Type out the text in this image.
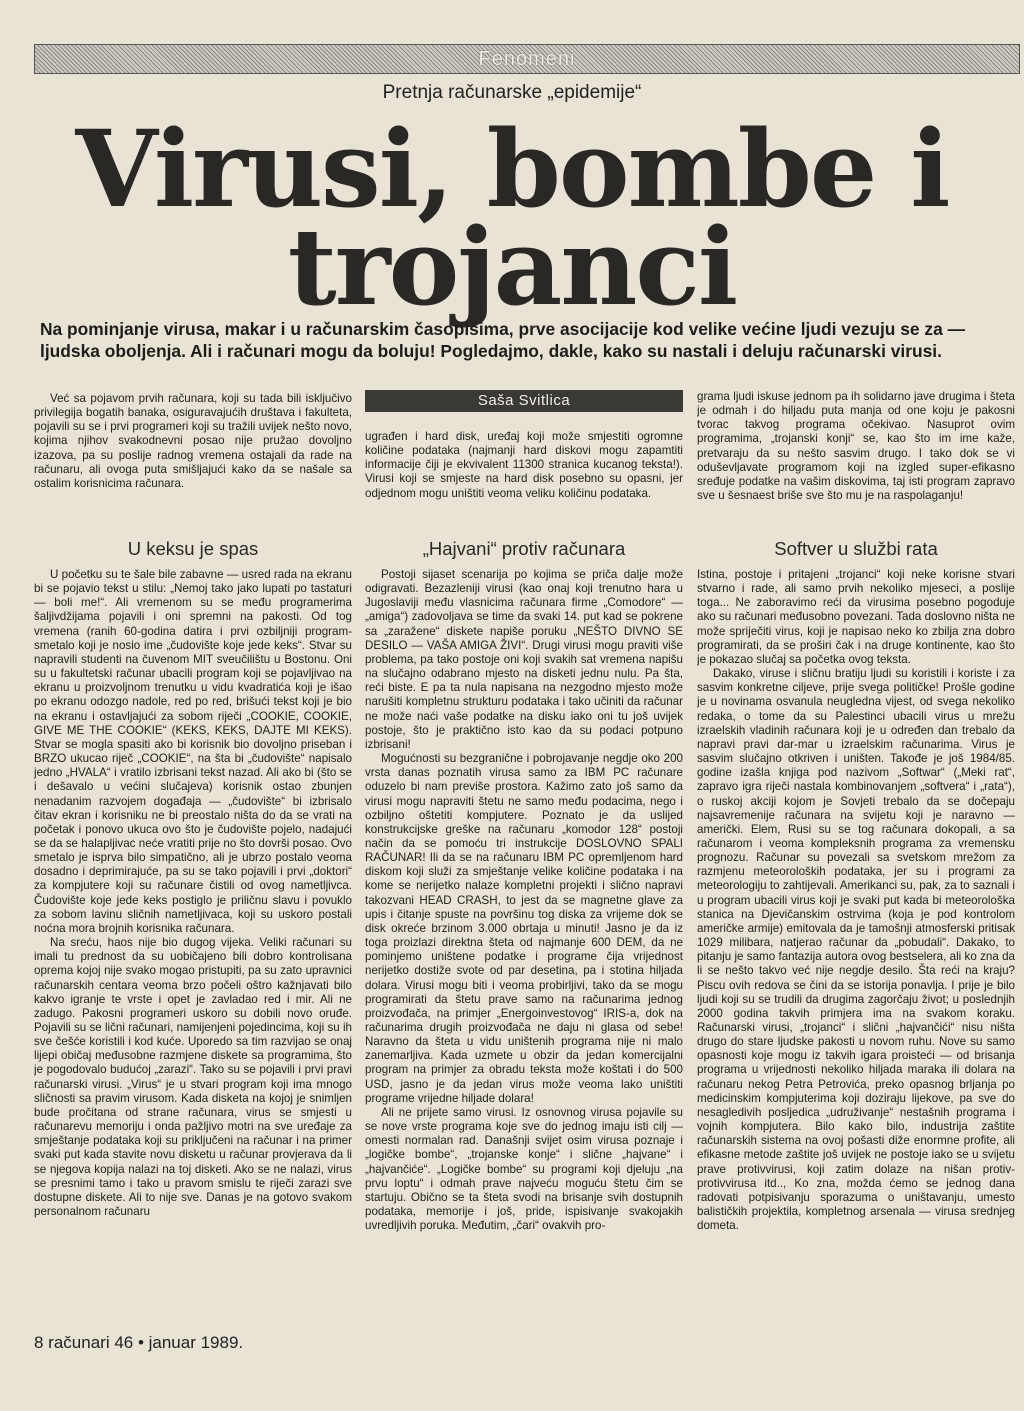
Fenomeni
Pretnja računarske „epidemije“
Virusi, bombe i
trojanci
Na pominjanje virusa, makar i u računarskim časopisima, prve asocijacije kod velike većine ljudi vezuju se za — ljudska oboljenja. Ali i računari mogu da boluju! Pogledajmo, dakle, kako su nastali i deluju računarski virusi.

Već sa pojavom prvih računara, koji su tada bili isključivo privilegija bogatih banaka, osiguravajućih društava i fakulteta, pojavili su se i prvi programeri koji su tražili uvijek nešto novo, kojima njihov svakodnevni posao nije pružao dovoljno izazova, pa su poslije radnog vremena ostajali da rade na računaru, ali ovoga puta smišljajući kako da se našale sa ostalim korisnicima računara.

Saša Svitlica

ugrađen i hard disk, uređaj koji može smjestiti ogromne količine podataka (najmanji hard diskovi mogu zapamtiti informacije čiji je ekvivalent 11300 stranica kucanog teksta!). Virusi koji se smjeste na hard disk posebno su opasni, jer odjednom mogu uništiti veoma veliku količinu podataka.

grama ljudi iskuse jednom pa ih solidarno jave drugima i šteta je odmah i do hiljadu puta manja od one koju je pakosni tvorac takvog programa očekivao. Nasuprot ovim programima, „trojanski konji“ se, kao što im ime kaže, pretvaraju da su nešto sasvim drugo. I tako dok se vi oduševljavate programom koji na izgled super-efikasno sređuje podatke na vašim diskovima, taj isti program zapravo sve u šesnaest briše sve što mu je na raspolaganju!

U keksu je spas	„Hajvani“ protiv računara	Softver u službi rata

U početku su te šale bile zabavne — usred rada na ekranu bi se pojavio tekst u stilu: „Nemoj tako jako lupati po tastaturi — boli me!“. Ali vremenom su se među programerima šaljivdžijama pojavili i oni spremni na pakosti. Od tog vremena (ranih 60-godina datira i prvi ozbiljniji program-smetalo koji je nosio ime „čudovište koje jede keks“. Stvar su napravili studenti na čuvenom MIT sveučilištu u Bostonu. Oni su u fakultetski računar ubacili program koji se pojavljivao na ekranu u proizvoljnom trenutku u vidu kvadratića koji je išao po ekranu odozgo nadole, red po red, brišući tekst koji je bio na ekranu i ostavljajući za sobom riječi „COOKIE, COOKIE, GIVE ME THE COOKIE“ (KEKS, KEKS, DAJTE MI KEKS). Stvar se mogla spasiti ako bi korisnik bio dovoljno priseban i BRZO ukucao riječ „COOKIE“, na šta bi „čudovište“ napisalo jedno „HVALA“ i vratilo izbrisani tekst nazad. Ali ako bi (što se i dešavalo u većini slučajeva) korisnik ostao zbunjen nenadanim razvojem događaja — „čudovište“ bi izbrisalo čitav ekran i korisniku ne bi preostalo ništa do da se vrati na početak i ponovo ukuca ovo što je čudovište pojelo, nadajući se da se halapljivac neće vratiti prije no što dovrši posao. Ovo smetalo je isprva bilo simpatično, ali je ubrzo postalo veoma dosadno i deprimirajuće, pa su se tako pojavili i prvi „doktori“ za kompjutere koji su računare čistili od ovog nametljivca. Čudovište koje jede keks postiglo je priličnu slavu i povuklo za sobom lavinu sličnih nametljivaca, koji su uskoro postali noćna mora brojnih korisnika računara.

Na sreću, haos nije bio dugog vijeka. Veliki računari su imali tu prednost da su uobičajeno bili dobro kontrolisana oprema kojoj nije svako mogao pristupiti, pa su zato upravnici računarskih centara veoma brzo počeli oštro kažnjavati bilo kakvo igranje te vrste i opet je zavladao red i mir. Ali ne zadugo. Pakosni programeri uskoro su dobili novo oruđe. Pojavili su se lični računari, namijenjeni pojedincima, koji su ih sve češće koristili i kod kuće. Uporedo sa tim razvijao se onaj lijepi običaj međusobne razmjene diskete sa programima, što je pogodovalo budućoj „zarazi“. Tako su se pojavili i prvi pravi računarski virusi. „Virus“ je u stvari program koji ima mnogo sličnosti sa pravim virusom. Kada disketa na kojoj je snimljen bude pročitana od strane računara, virus se smjesti u računarevu memoriju i onda pažljivo motri na sve uređaje za smještanje podataka koji su priključeni na računar i na primer svaki put kada stavite novu disketu u računar provjerava da li se njegova kopija nalazi na toj disketi. Ako se ne nalazi, virus se presnimi tamo i tako u pravom smislu te riječi zarazi sve dostupne diskete. Ali to nije sve. Danas je na gotovo svakom personalnom računaru

Postoji sijaset scenarija po kojima se priča dalje može odigravati. Bezazleniji virusi (kao onaj koji trenutno hara u Jugoslaviji među vlasnicima računara firme „Comodore“ — „amiga“) zadovoljava se time da svaki 14. put kad se pokrene sa „zaražene“ diskete napiše poruku „NEŠTO DIVNO SE DESILO — VAŠA AMIGA ŽIVI“. Drugi virusi mogu praviti više problema, pa tako postoje oni koji svakih sat vremena napišu na slučajno odabrano mjesto na disketi jednu nulu. Pa šta, reći biste. E pa ta nula napisana na nezgodno mjesto može narušiti kompletnu strukturu podataka i tako učiniti da računar ne može naći vaše podatke na disku iako oni tu još uvijek postoje, što je praktično isto kao da su podaci potpuno izbrisani!

Mogućnosti su bezgranične i pobrojavanje negdje oko 200 vrsta danas poznatih virusa samo za IBM PC računare oduzelo bi nam previše prostora. Kažimo zato još samo da virusi mogu napraviti štetu ne samo među podacima, nego i ozbiljno oštetiti kompjutere. Poznato je da uslijed konstrukcijske greške na računaru „komodor 128“ postoji način da se pomoću tri instrukcije DOSLOVNO SPALI RAČUNAR! Ili da se na računaru IBM PC opremljenom hard diskom koji služi za smještanje velike količine podataka i na kome se nerijetko nalaze kompletni projekti i slično napravi takozvani HEAD CRASH, to jest da se magnetne glave za upis i čitanje spuste na površinu tog diska za vrijeme dok se disk okreće brzinom 3.000 obrtaja u minuti! Jasno je da iz toga proizlazi direktna šteta od najmanje 600 DEM, da ne pominjemo uništene podatke i programe čija vrijednost nerijetko dostiže svote od par desetina, pa i stotina hiljada dolara. Virusi mogu biti i veoma probirljivi, tako da se mogu programirati da štetu prave samo na računarima jednog proizvođača, na primjer „Energoinvestovog“ IRIS-a, dok na računarima drugih proizvođača ne daju ni glasa od sebe! Naravno da šteta u vidu uništenih programa nije ni malo zanemarljiva. Kada uzmete u obzir da jedan komercijalni program na primjer za obradu teksta može koštati i do 500 USD, jasno je da jedan virus može veoma lako uništiti programe vrijedne hiljade dolara!

Ali ne prijete samo virusi. Iz osnovnog virusa pojavile su se nove vrste programa koje sve do jednog imaju isti cilj — omesti normalan rad. Današnji svijet osim virusa poznaje i „logičke bombe“, „trojanske konje“ i slične „hajvane“ i „hajvančiće“. „Logičke bombe“ su programi koji djeluju „na prvu loptu“ i odmah prave najveću moguću štetu čim se startuju. Obično se ta šteta svodi na brisanje svih dostupnih podataka, memorije i još, pride, ispisivanje svakojakih uvredljivih poruka. Međutim, „čari“ ovakvih pro-

Istina, postoje i pritajeni „trojanci“ koji neke korisne stvari stvarno i rade, ali samo prvih nekoliko mjeseci, a poslije toga... Ne zaboravimo reći da virusima posebno pogoduje ako su računari međusobno povezani. Tada doslovno ništa ne može spriječiti virus, koji je napisao neko ko zbilja zna dobro programirati, da se proširi čak i na druge kontinente, kao što je pokazao slučaj sa početka ovog teksta.

Dakako, viruse i sličnu bratiju ljudi su koristili i koriste i za sasvim konkretne ciljeve, prije svega političke! Prošle godine je u novinama osvanula neuglednа vijest, od svega nekoliko redaka, o tome da su Palestinci ubacili virus u mrežu izraelskih vladinih računara koji je u određen dan trebalo da napravi pravi dar-mar u izraelskim računarima. Virus je sasvim slučajno otkriven i uništen. Takođe je još 1984/85. godine izašla knjiga pod nazivom „Softwar“ („Meki rat“, zapravo igra riječi nastala kombinovanjem „softvera“ i „rata“), o ruskoj akciji kojom je Sovjeti trebalo da se dočepaju najsavremenije računara na svijetu koji je naravno — američki. Elem, Rusi su se tog računara dokopali, a sa računarom i veoma kompleksnih programa za vremensku prognozu. Računar su povezali sa svetskom mrežom za razmjenu meteoroloških podataka, jer su i programi za meteorologiju to zahtijevali. Amerikanci su, pak, za to saznali i u program ubacili virus koji je svaki put kada bi meteorološka stanica na Djevičanskim ostrvima (koja je pod kontrolom američke armije) emitovala da je tamošnji atmosferski pritisak 1029 milibara, natjerao računar da „pobudali“. Dakako, to pitanju je samo fantazija autora ovog bestselera, ali ko zna da li se nešto takvo već nije negdje desilo. Šta reći na kraju? Piscu ovih redova se čini da se istorija ponavlja. I prije je bilo ljudi koji su se trudili da drugima zagorčaju život; u poslednjih 2000 godina takvih primjera ima na svakom koraku. Računarski virusi, „trojanci“ i slični „hajvančići“ nisu ništa drugo do stare ljudske pakosti u novom ruhu. Nove su samo opasnosti koje mogu iz takvih igara proisteći — od brisanja programa u vrijednosti nekoliko hiljada maraka ili dolara na računaru nekog Petra Petrovića, preko opasnog brljanja po medicinskim kompjuterima koji doziraju lijekove, pa sve do nesagledivih posljedica „udruživanje“ nestašnih programa i vojnih kompjutera. Bilo kako bilo, industrija zaštite računarskih sistema na ovoj pošasti diže enormne profite, ali efikasne metode zaštite još uvijek ne postoje iako se u svijetu prave protivvirusi, koji zatim dolaze na nišan protiv-protivvirusa itd.., Ko zna, možda ćemo se jednog dana radovati potpisivanju sporazuma o uništavanju, umesto balističkih projektila, kompletnog arsenala — virusa srednjeg dometa.

8 računari 46 • januar 1989.
